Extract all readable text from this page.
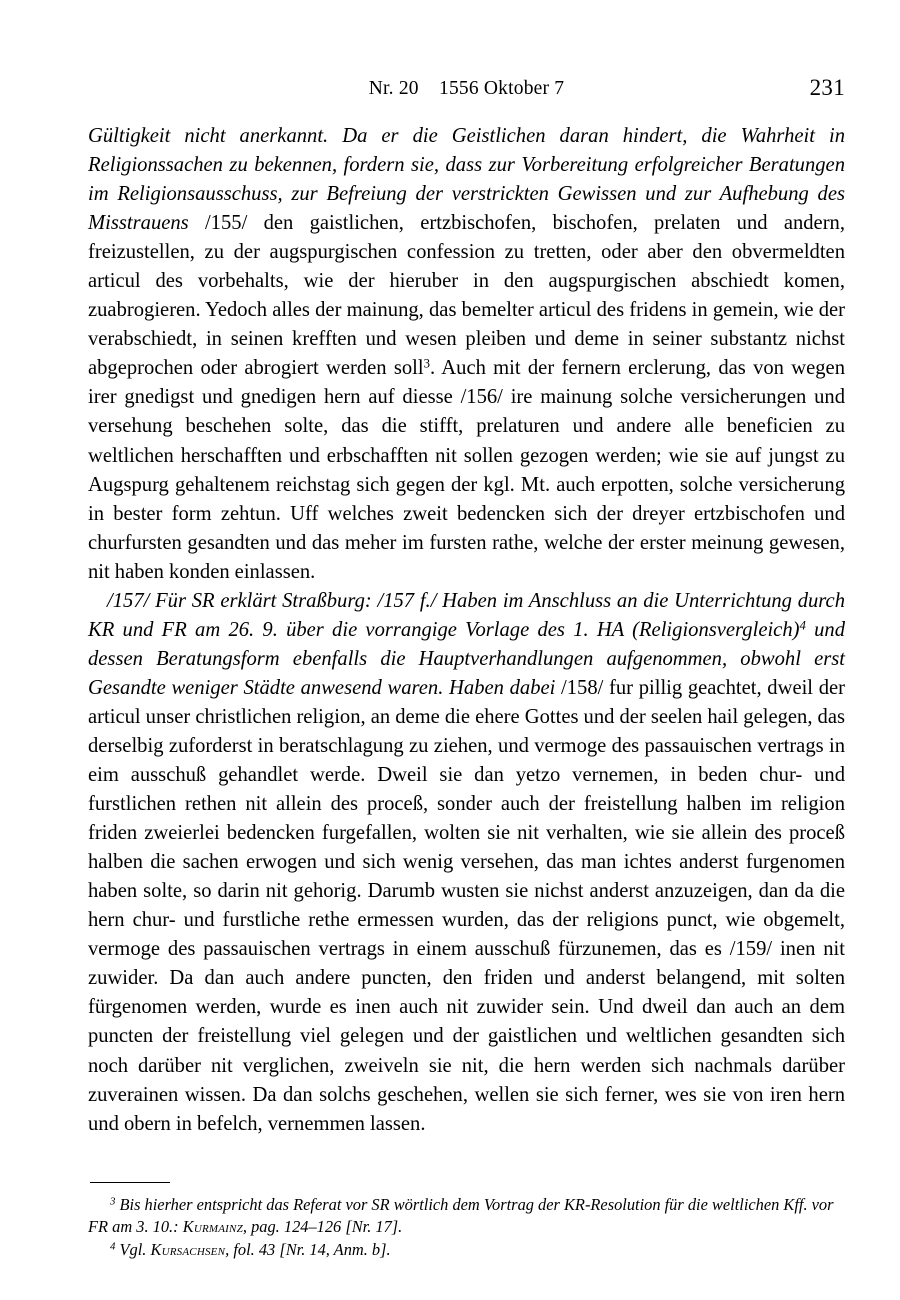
Nr. 20    1556 Oktober 7	231

Gültigkeit nicht anerkannt. Da er die Geistlichen daran hindert, die Wahrheit in Religionssachen zu bekennen, fordern sie, dass zur Vorbereitung erfolgreicher Beratungen im Religionsausschuss, zur Befreiung der verstrickten Gewissen und zur Aufhebung des Misstrauens /155/ den gaistlichen, ertzbischofen, bischofen, prelaten und andern, freizustellen, zu der augspurgischen confession zu tretten, oder aber den obvermeldten articul des vorbehalts, wie der hieruber in den augspurgischen abschiedt komen, zuabrogieren. Yedoch alles der mainung, das bemelter articul des fridens in gemein, wie der verabschiedt, in seinen krefften und wesen pleiben und deme in seiner substantz nichst abgeprochen oder abrogiert werden soll$^3$. Auch mit der fernern erclerung, das von wegen irer gnedigst und gnedigen hern auf diesse /156/ ire mainung solche versicherungen und versehung beschehen solte, das die stifft, prelaturen und andere alle beneficien zu weltlichen herschafften und erbschafften nit sollen gezogen werden; wie sie auf jungst zu Augspurg gehaltenem reichstag sich gegen der kgl. Mt. auch erpotten, solche versicherung in bester form zehtun. Uff welches zweit bedencken sich der dreyer ertzbischofen und churfursten gesandten und das meher im fursten rathe, welche der erster meinung gewesen, nit haben konden einlassen.

/157/ Für SR erklärt Straßburg: /157 f./ Haben im Anschluss an die Unterrichtung durch KR und FR am 26. 9. über die vorrangige Vorlage des 1. HA (Religionsvergleich)$^4$ und dessen Beratungsform ebenfalls die Hauptverhandlungen aufgenommen, obwohl erst Gesandte weniger Städte anwesend waren. Haben dabei /158/ fur pillig geachtet, dweil der articul unser christlichen religion, an deme die ehere Gottes und der seelen hail gelegen, das derselbig zuforderst in beratschlagung zu ziehen, und vermoge des passauischen vertrags in eim ausschuß gehandlet werde. Dweil sie dan yetzo vernemen, in beden chur- und furstlichen rethen nit allein des proceß, sonder auch der freistellung halben im religion friden zweierlei bedencken furgefallen, wolten sie nit verhalten, wie sie allein des proceß halben die sachen erwogen und sich wenig versehen, das man ichtes anderst furgenomen haben solte, so darin nit gehorig. Darumb wusten sie nichst anderst anzuzeigen, dan da die hern chur- und furstliche rethe ermessen wurden, das der religions punct, wie obgemelt, vermoge des passauischen vertrags in einem ausschuß fürzunemen, das es /159/ inen nit zuwider. Da dan auch andere puncten, den friden und anderst belangend, mit solten fürgenomen werden, wurde es inen auch nit zuwider sein. Und dweil dan auch an dem puncten der freistellung viel gelegen und der gaistlichen und weltlichen gesandten sich noch darüber nit verglichen, zweiveln sie nit, die hern werden sich nachmals darüber zuverainen wissen. Da dan solchs geschehen, wellen sie sich ferner, wes sie von iren hern und obern in befelch, vernemmen lassen.

$^3$ Bis hierher entspricht das Referat vor SR wörtlich dem Vortrag der KR-Resolution für die weltlichen Kff. vor FR am 3. 10.: Kurmainz, pag. 124–126 [Nr. 17].

$^4$ Vgl. Kursachsen, fol. 43 [Nr. 14, Anm. b].
